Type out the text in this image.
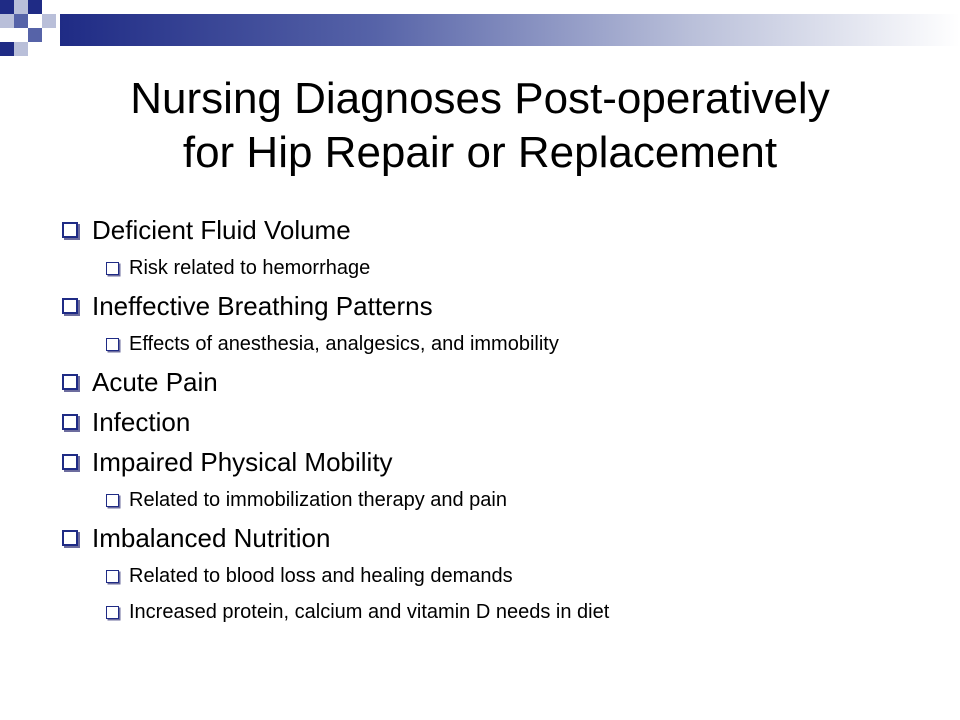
Nursing Diagnoses Post-operatively
for Hip Repair or Replacement
Deficient Fluid Volume
Risk related to hemorrhage
Ineffective Breathing Patterns
Effects of anesthesia, analgesics, and immobility
Acute Pain
Infection
Impaired Physical Mobility
Related to immobilization therapy and pain
Imbalanced Nutrition
Related to blood loss and healing demands
Increased protein, calcium and vitamin D needs in diet
